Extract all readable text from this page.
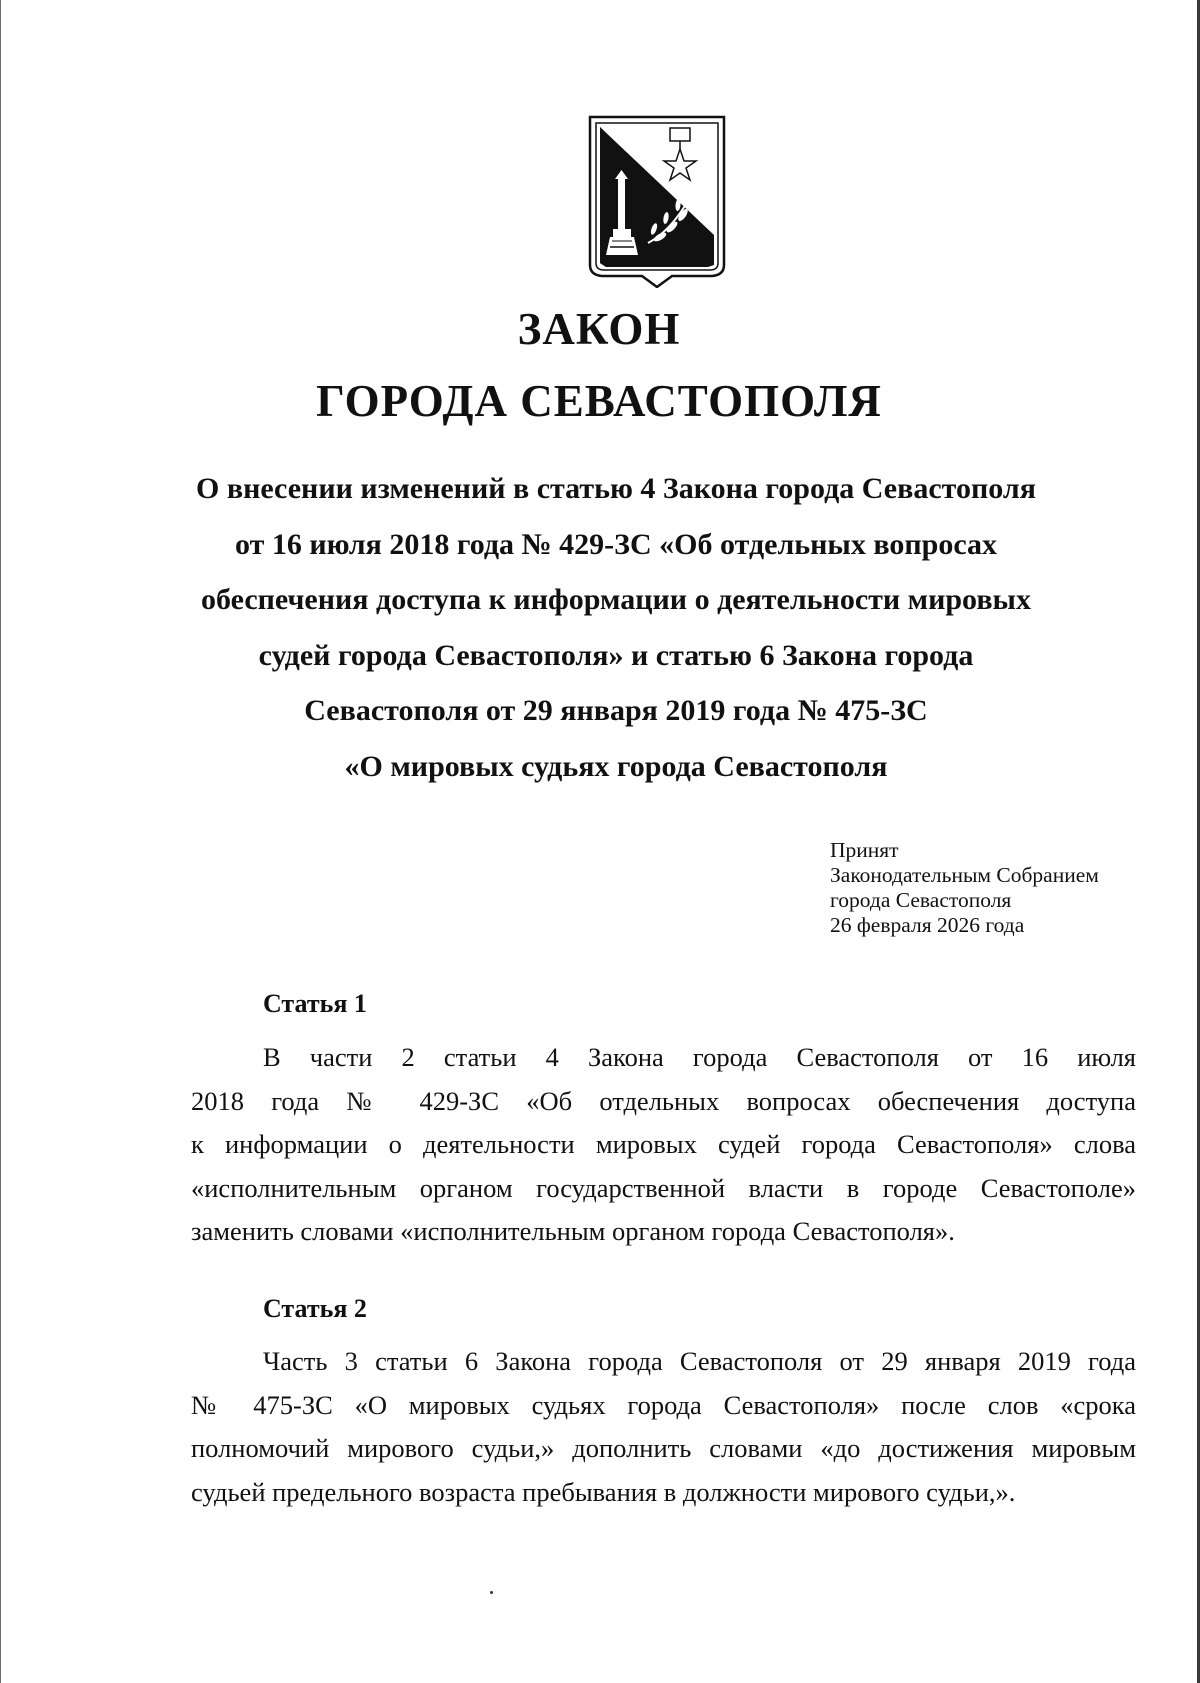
ЗАКОН
ГОРОДА СЕВАСТОПОЛЯ
О внесении изменений в статью 4 Закона города Севастополя
от 16 июля 2018 года № 429-ЗС «Об отдельных вопросах
обеспечения доступа к информации о деятельности мировых
судей города Севастополя» и статью 6 Закона города
Севастополя от 29 января 2019 года № 475-ЗС
«О мировых судьях города Севастополя
Принят
Законодательным Собранием
города Севастополя
26 февраля 2026 года
Статья 1
В части 2 статьи 4 Закона города Севастополя от 16 июля
2018 года № 429-ЗС «Об отдельных вопросах обеспечения доступа
к информации о деятельности мировых судей города Севастополя» слова
«исполнительным органом государственной власти в городе Севастополе»
заменить словами «исполнительным органом города Севастополя».
Статья 2
Часть 3 статьи 6 Закона города Севастополя от 29 января 2019 года
№ 475-ЗС «О мировых судьях города Севастополя» после слов «срока
полномочий мирового судьи,» дополнить словами «до достижения мировым
судьей предельного возраста пребывания в должности мирового судьи,».
